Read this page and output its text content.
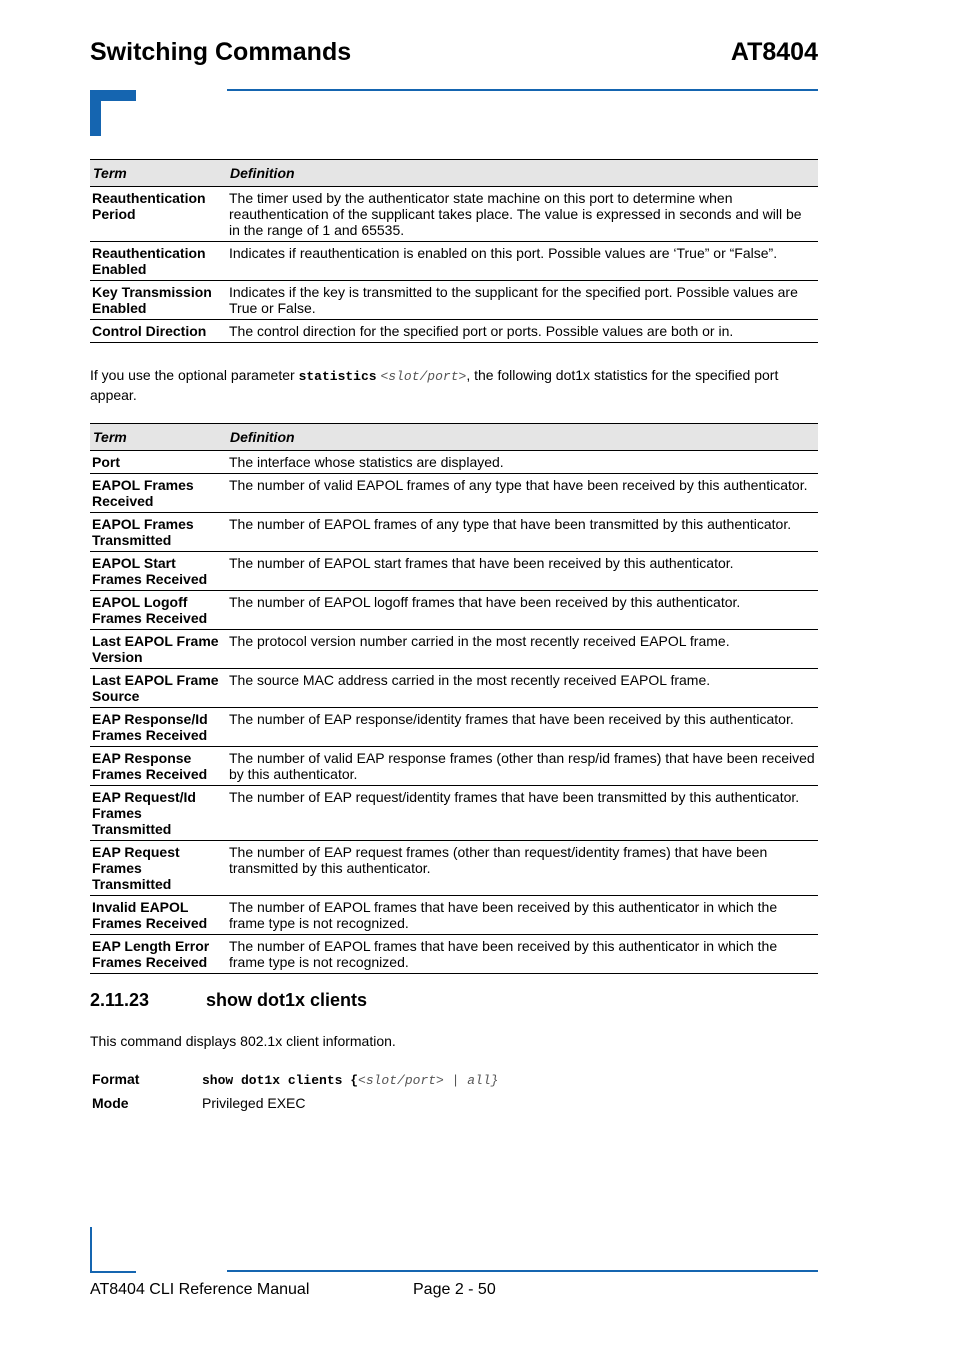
Switching Commands	AT8404
Term	Definition
Reauthentication Period	The timer used by the authenticator state machine on this port to determine when reauthentication of the supplicant takes place. The value is expressed in seconds and will be in the range of 1 and 65535.
Reauthentication Enabled	Indicates if reauthentication is enabled on this port. Possible values are ‘True” or “False”.
Key Transmission Enabled	Indicates if the key is transmitted to the supplicant for the specified port. Possible values are True or False.
Control Direction	The control direction for the specified port or ports. Possible values are both or in.
If you use the optional parameter statistics <slot/port>, the following dot1x statistics for the specified port appear.
Term	Definition
Port	The interface whose statistics are displayed.
EAPOL Frames Received	The number of valid EAPOL frames of any type that have been received by this authenticator.
EAPOL Frames Transmitted	The number of EAPOL frames of any type that have been transmitted by this authenticator.
EAPOL Start Frames Received	The number of EAPOL start frames that have been received by this authenticator.
EAPOL Logoff Frames Received	The number of EAPOL logoff frames that have been received by this authenticator.
Last EAPOL Frame Version	The protocol version number carried in the most recently received EAPOL frame.
Last EAPOL Frame Source	The source MAC address carried in the most recently received EAPOL frame.
EAP Response/Id Frames Received	The number of EAP response/identity frames that have been received by this authenticator.
EAP Response Frames Received	The number of valid EAP response frames (other than resp/id frames) that have been received by this authenticator.
EAP Request/Id Frames Transmitted	The number of EAP request/identity frames that have been transmitted by this authenticator.
EAP Request Frames Transmitted	The number of EAP request frames (other than request/identity frames) that have been transmitted by this authenticator.
Invalid EAPOL Frames Received	The number of EAPOL frames that have been received by this authenticator in which the frame type is not recognized.
EAP Length Error Frames Received	The number of EAPOL frames that have been received by this authenticator in which the frame type is not recognized.
2.11.23	show dot1x clients
This command displays 802.1x client information.
Format	show dot1x clients {<slot/port> | all}
Mode	Privileged EXEC
AT8404 CLI Reference Manual	Page 2 - 50
